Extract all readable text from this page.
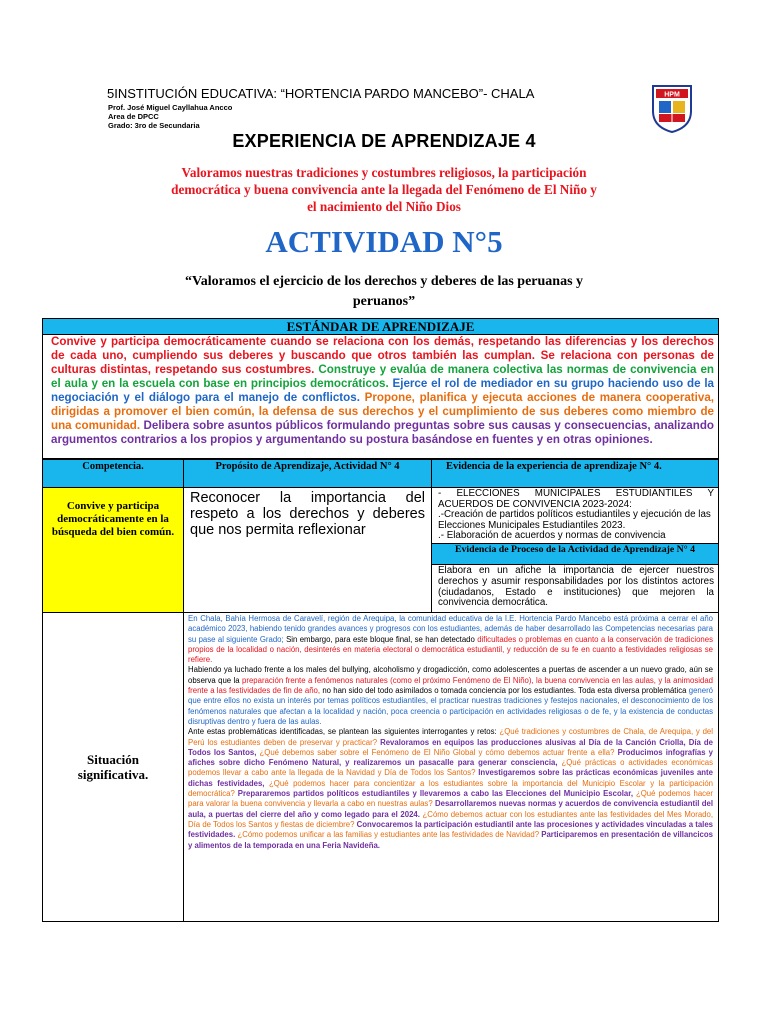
5INSTITUCIÓN EDUCATIVA: “HORTENCIA PARDO MANCEBO”- CHALA
Prof. José Miguel Cayllahua Ancco
Area de DPCC
Grado: 3ro de Secundaria
HPM
EXPERIENCIA DE APRENDIZAJE 4
Valoramos nuestras tradiciones y costumbres religiosos, la participación
democrática y buena convivencia ante la llegada del Fenómeno de El Niño y
el nacimiento del Niño Dios
ACTIVIDAD N°5
“Valoramos el ejercicio de los derechos y deberes de las peruanas y
peruanos”
ESTÁNDAR DE APRENDIZAJE
Convive y participa democráticamente cuando se relaciona con los demás, respetando las diferencias y los derechos de cada uno, cumpliendo sus deberes y buscando que otros también las cumplan. Se relaciona con personas de culturas distintas, respetando sus costumbres. Construye y evalúa de manera colectiva las normas de convivencia en el aula y en la escuela con base en principios democráticos. Ejerce el rol de mediador en su grupo haciendo uso de la negociación y el diálogo para el manejo de conflictos. Propone, planifica y ejecuta acciones de manera cooperativa, dirigidas a promover el bien común, la defensa de sus derechos y el cumplimiento de sus deberes como miembro de una comunidad. Delibera sobre asuntos públicos formulando preguntas sobre sus causas y consecuencias, analizando argumentos contrarios a los propios y argumentando su postura basándose en fuentes y en otras opiniones.
Competencia.	Propósito de Aprendizaje, Actividad N° 4	Evidencia de la experiencia de aprendizaje N° 4.
Convive y participa democráticamente en la búsqueda del bien común.
Reconocer la importancia del respeto a los derechos y deberes que nos permita reflexionar
- ELECCIONES MUNICIPALES ESTUDIANTILES Y ACUERDOS DE CONVIVENCIA 2023-2024:
.-Creación de partidos políticos estudiantiles y ejecución de las Elecciones Municipales Estudiantiles 2023.
.- Elaboración de acuerdos y normas de convivencia
Evidencia de Proceso de la Actividad de Aprendizaje N° 4
Elabora en un afiche la importancia de ejercer nuestros derechos y asumir responsabilidades por los distintos actores (ciudadanos, Estado e instituciones) que mejoren la convivencia democrática.
Situación significativa.

En Chala, Bahía Hermosa de Caravelí, región de Arequipa, la comunidad educativa de la I.E. Hortencia Pardo Mancebo está próxima a cerrar el año académico 2023, habiendo tenido grandes avances y progresos con los estudiantes, además de haber desarrollado las Competencias necesarias para su pase al siguiente Grado; Sin embargo, para este bloque final, se han detectado dificultades o problemas en cuanto a la conservación de tradiciones propios de la localidad o nación, desinterés en materia electoral o democrática estudiantil, y reducción de su fe en cuanto a festividades religiosas se refiere.

Habiendo ya luchado frente a los males del bullying, alcoholismo y drogadicción, como adolescentes a puertas de ascender a un nuevo grado, aún se observa que la preparación frente a fenómenos naturales (como el próximo Fenómeno de El Niño), la buena convivencia en las aulas, y la animosidad frente a las festividades de fin de año, no han sido del todo asimilados o tomada conciencia por los estudiantes. Toda esta diversa problemática generó que entre ellos no exista un interés por temas políticos estudiantiles, el practicar nuestras tradiciones y festejos nacionales, el desconocimiento de los fenómenos naturales que afectan a la localidad y nación, poca creencia o participación en actividades religiosas o de fe, y la existencia de conductas disruptivas dentro y fuera de las aulas.

Ante estas problemáticas identificadas, se plantean las siguientes interrogantes y retos: ¿Qué tradiciones y costumbres de Chala, de Arequipa, y del Perú los estudiantes deben de preservar y practicar? Revaloramos en equipos las producciones alusivas al Día de la Canción Criolla, Día de Todos los Santos, ¿Qué debemos saber sobre el Fenómeno de El Niño Global y cómo debemos actuar frente a ella? Producimos infografías y afiches sobre dicho Fenómeno Natural, y realizaremos un pasacalle para generar consciencia, ¿Qué prácticas o actividades económicas podemos llevar a cabo ante la llegada de la Navidad y Día de Todos los Santos? Investigaremos sobre las prácticas económicas juveniles ante dichas festividades, ¿Qué podemos hacer para concientizar a los estudiantes sobre la importancia del Municipio Escolar y la participación democrática? Prepararemos partidos políticos estudiantiles y llevaremos a cabo las Elecciones del Municipio Escolar, ¿Qué podemos hacer para valorar la buena convivencia y llevarla a cabo en nuestras aulas? Desarrollaremos nuevas normas y acuerdos de convivencia estudiantil del aula, a puertas del cierre del año y como legado para el 2024. ¿Cómo debemos actuar con los estudiantes ante las festividades del Mes Morado, Día de Todos los Santos y fiestas de diciembre? Convocaremos la participación estudiantil ante las procesiones y actividades vinculadas a tales festividades. ¿Cómo podemos unificar a las familias y estudiantes ante las festividades de Navidad? Participaremos en presentación de villancicos y alimentos de la temporada en una Feria Navideña.
